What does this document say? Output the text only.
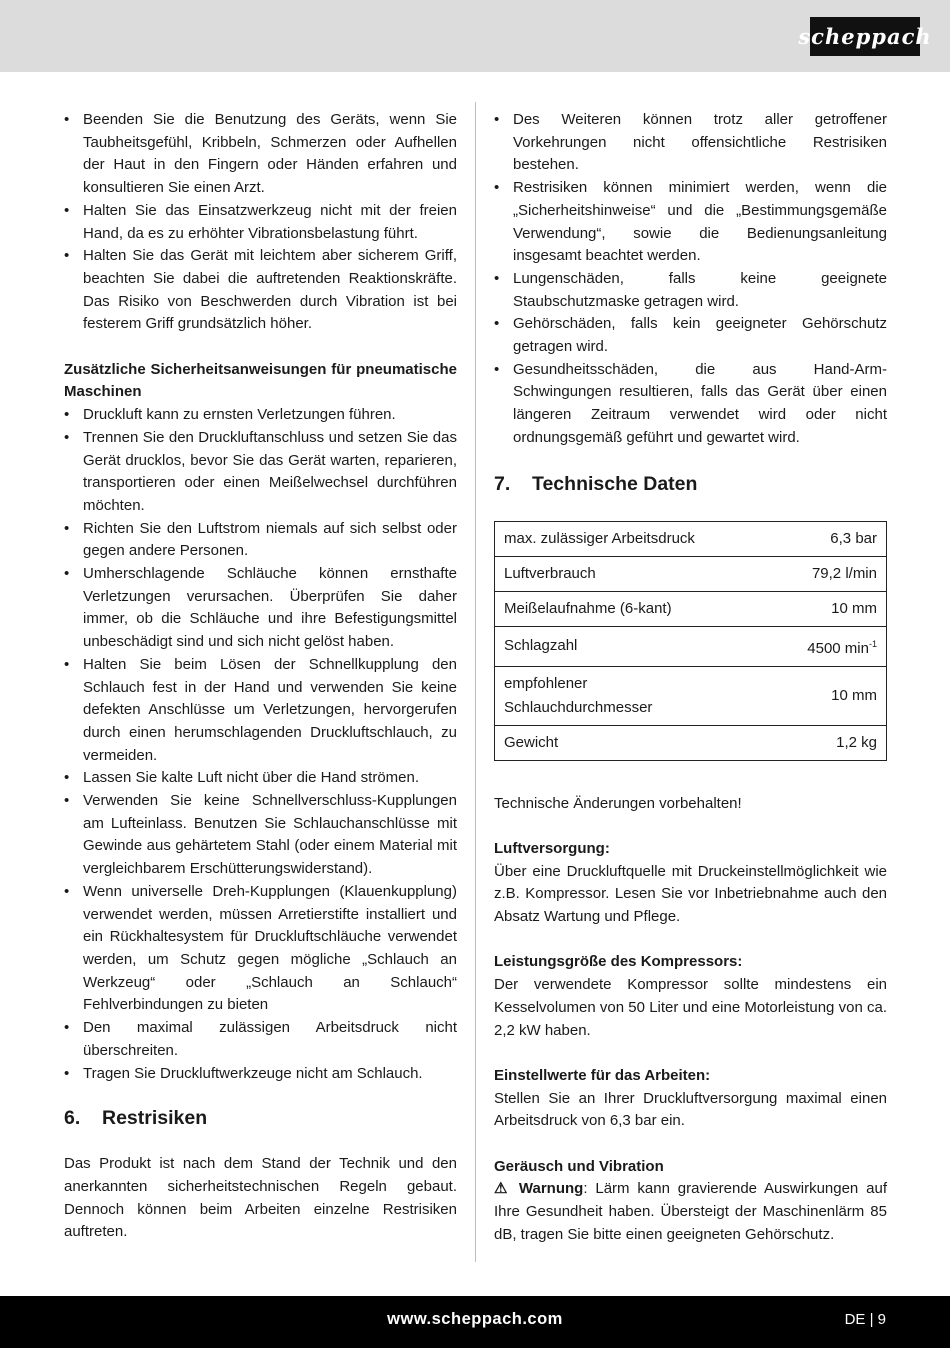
scheppach
• Beenden Sie die Benutzung des Geräts, wenn Sie Taubheitsgefühl, Kribbeln, Schmerzen oder Aufhellen der Haut in den Fingern oder Händen erfahren und konsultieren Sie einen Arzt.
• Halten Sie das Einsatzwerkzeug nicht mit der freien Hand, da es zu erhöhter Vibrationsbelastung führt.
• Halten Sie das Gerät mit leichtem aber sicherem Griff, beachten Sie dabei die auftretenden Reaktionskräfte. Das Risiko von Beschwerden durch Vibration ist bei festerem Griff grundsätzlich höher.
Zusätzliche Sicherheitsanweisungen für pneumatische Maschinen
• Druckluft kann zu ernsten Verletzungen führen.
• Trennen Sie den Druckluftanschluss und setzen Sie das Gerät drucklos, bevor Sie das Gerät warten, reparieren, transportieren oder einen Meißelwechsel durchführen möchten.
• Richten Sie den Luftstrom niemals auf sich selbst oder gegen andere Personen.
• Umherschlagende Schläuche können ernsthafte Verletzungen verursachen. Überprüfen Sie daher immer, ob die Schläuche und ihre Befestigungsmittel unbeschädigt sind und sich nicht gelöst haben.
• Halten Sie beim Lösen der Schnellkupplung den Schlauch fest in der Hand und verwenden Sie keine defekten Anschlüsse um Verletzungen, hervorgerufen durch einen herumschlagenden Druckluftschlauch, zu vermeiden.
• Lassen Sie kalte Luft nicht über die Hand strömen.
• Verwenden Sie keine Schnellverschluss-Kupplungen am Lufteinlass. Benutzen Sie Schlauchanschlüsse mit Gewinde aus gehärtetem Stahl (oder einem Material mit vergleichbarem Erschütterungswiderstand).
• Wenn universelle Dreh-Kupplungen (Klauenkupplung) verwendet werden, müssen Arretierstifte installiert und ein Rückhaltesystem für Druckluftschläuche verwendet werden, um Schutz gegen mögliche „Schlauch an Werkzeug“ oder „Schlauch an Schlauch“ Fehlverbindungen zu bieten
• Den maximal zulässigen Arbeitsdruck nicht überschreiten.
• Tragen Sie Druckluftwerkzeuge nicht am Schlauch.
6.	Restrisiken

Das Produkt ist nach dem Stand der Technik und den anerkannten sicherheitstechnischen Regeln gebaut. Dennoch können beim Arbeiten einzelne Restrisiken auftreten.

• Des Weiteren können trotz aller getroffener Vorkehrungen nicht offensichtliche Restrisiken bestehen.
• Restrisiken können minimiert werden, wenn die „Sicherheitshinweise“ und die „Bestimmungsgemäße Verwendung“, sowie die Bedienungsanleitung insgesamt beachtet werden.
• Lungenschäden, falls keine geeignete Staubschutzmaske getragen wird.
• Gehörschäden, falls kein geeigneter Gehörschutz getragen wird.
• Gesundheitsschäden, die aus Hand-Arm- Schwingungen resultieren, falls das Gerät über einen längeren Zeitraum verwendet wird oder nicht ordnungsgemäß geführt und gewartet wird.
7.	Technische Daten
max. zulässiger Arbeitsdruck	6,3 bar
Luftverbrauch	79,2 l/min
Meißelaufnahme (6-kant)	10 mm
Schlagzahl	4500 $\min^{-1}$
empfohlener Schlauchdurchmesser	10 mm
Gewicht	1,2 kg

Technische Änderungen vorbehalten!

Luftversorgung:

Über eine Druckluftquelle mit Druckeinstellmöglichkeit wie z.B. Kompressor. Lesen Sie vor Inbetriebnahme auch den Absatz Wartung und Pflege.

Leistungsgröße des Kompressors:

Der verwendete Kompressor sollte mindestens ein Kesselvolumen von 50 Liter und eine Motorleistung von ca. 2,2 kW haben.

Einstellwerte für das Arbeiten:

Stellen Sie an Ihrer Druckluftversorgung maximal einen Arbeitsdruck von 6,3 bar ein.

Geräusch und Vibration

⚠ Warnung: Lärm kann gravierende Auswirkungen auf Ihre Gesundheit haben. Übersteigt der Maschinenlärm 85 dB, tragen Sie bitte einen geeigneten Gehörschutz.

www.scheppach.com	DE | 9
